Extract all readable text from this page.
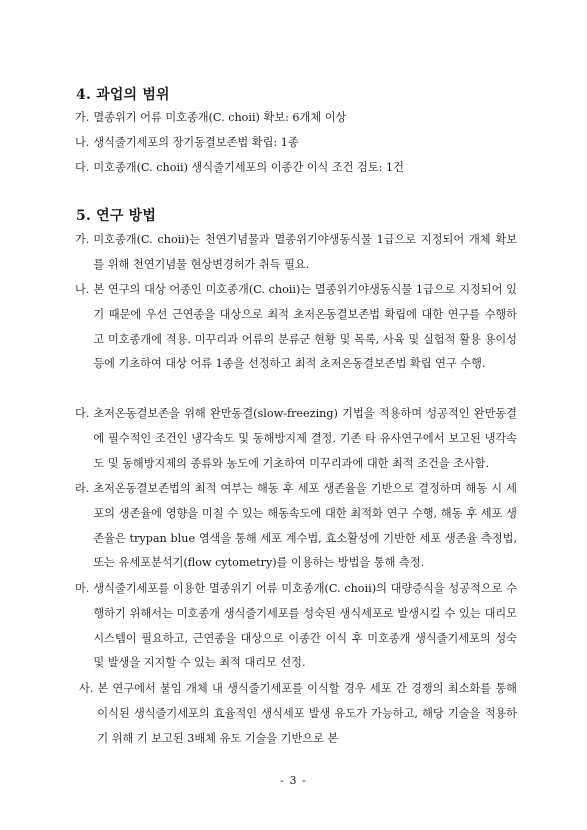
4. 과업의 범위
가. 멸종위기 어류 미호종개(C. choii) 확보: 6개체 이상
나. 생식줄기세포의 장기동결보존법 확립: 1종
다. 미호종개(C. choii) 생식줄기세포의 이종간 이식 조건 검토: 1건
5. 연구 방법
가. 미호종개(C. choii)는 천연기념물과 멸종위기야생동식물 1급으로 지정되어 개체 확보를 위해 천연기념물 현상변경허가 취득 필요.
나. 본 연구의 대상 어종인 미호종개(C. choii)는 멸종위기야생동식물 1급으로 지정되어 있기 때문에 우선 근연종을 대상으로 최적 초저온동결보존법 확립에 대한 연구를 수행하고 미호종개에 적용. 미꾸리과 어류의 분류군 현황 및 목록, 사육 및 실험적 활용 용이성 등에 기초하여 대상 어류 1종을 선정하고 최적 초저온동결보존법 확립 연구 수행.
다. 초저온동결보존을 위해 완만동결(slow-freezing) 기법을 적용하며 성공적인 완만동결에 필수적인 조건인 냉각속도 및 동해방지제 결정. 기존 타 유사연구에서 보고된 냉각속도 및 동해방지제의 종류와 농도에 기초하여 미꾸리과에 대한 최적 조건을 조사함.
라. 초저온동결보존법의 최적 여부는 해동 후 세포 생존율을 기반으로 결정하며 해동 시 세포의 생존율에 영향을 미칠 수 있는 해동속도에 대한 최적화 연구 수행, 해동 후 세포 생존율은 trypan blue 염색을 통해 세포 계수법, 효소활성에 기반한 세포 생존율 측정법, 또는 유세포분석기(flow cytometry)를 이용하는 방법을 통해 측정.
마. 생식줄기세포를 이용한 멸종위기 어류 미호종개(C. choii)의 대량증식을 성공적으로 수행하기 위해서는 미호종개 생식줄기세포를 성숙된 생식세포로 발생시킬 수 있는 대리모 시스템이 필요하고, 근연종을 대상으로 이종간 이식 후 미호종개 생식줄기세포의 성숙 및 발생을 지지할 수 있는 최적 대리모 선정.
사. 본 연구에서 불임 개체 내 생식줄기세포를 이식할 경우 세포 간 경쟁의 최소화를 통해 이식된 생식줄기세포의 효율적인 생식세포 발생 유도가 가능하고, 해당 기술을 적용하기 위해 기 보고된 3배체 유도 기술을 기반으로 본
- 3 -
